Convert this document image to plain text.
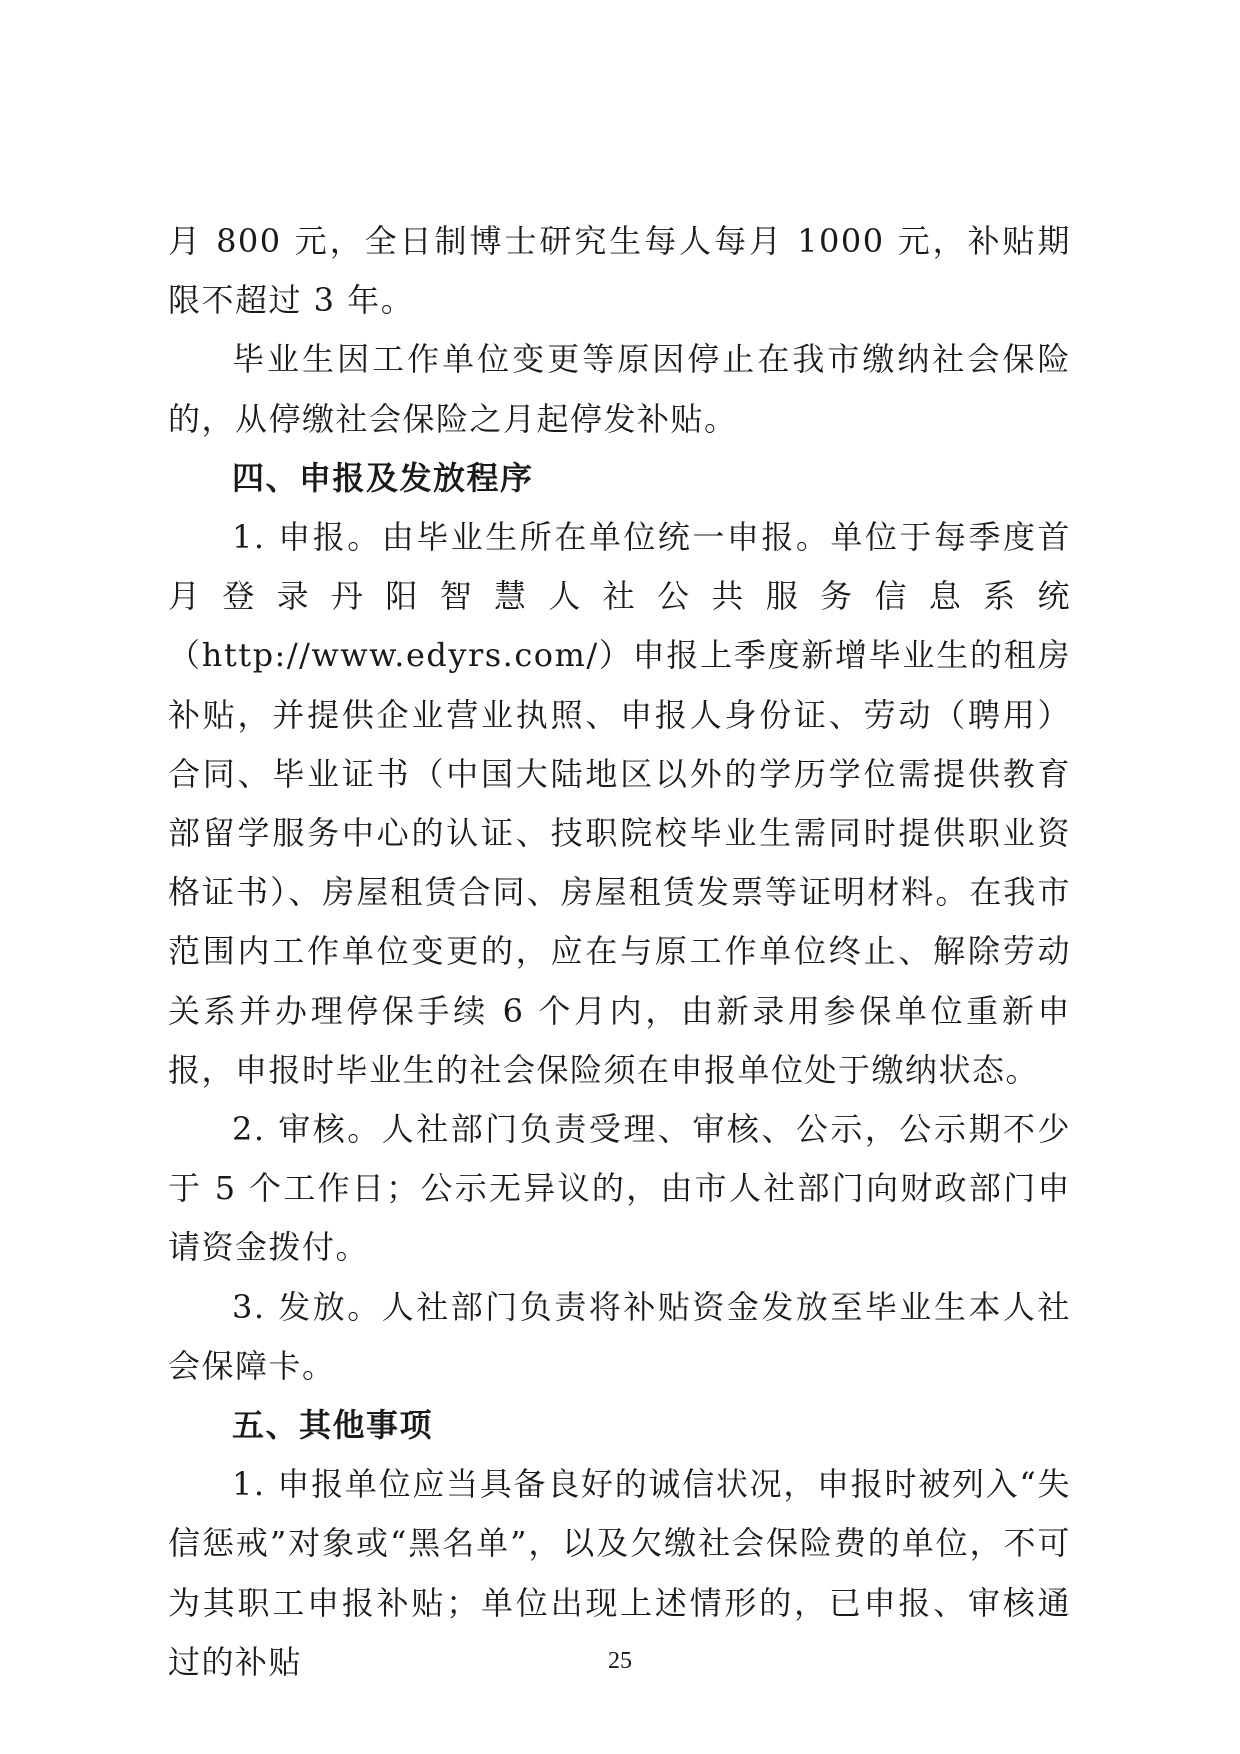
月 800 元，全日制博士研究生每人每月 1000 元，补贴期限不超过 3 年。

毕业生因工作单位变更等原因停止在我市缴纳社会保险的，从停缴社会保险之月起停发补贴。

四、申报及发放程序

1. 申报。由毕业生所在单位统一申报。单位于每季度首月登录丹阳智慧人社公共服务信息系统（http://www.edyrs.com/）申报上季度新增毕业生的租房补贴，并提供企业营业执照、申报人身份证、劳动（聘用）合同、毕业证书（中国大陆地区以外的学历学位需提供教育部留学服务中心的认证、技职院校毕业生需同时提供职业资格证书）、房屋租赁合同、房屋租赁发票等证明材料。在我市范围内工作单位变更的，应在与原工作单位终止、解除劳动关系并办理停保手续 6 个月内，由新录用参保单位重新申报，申报时毕业生的社会保险须在申报单位处于缴纳状态。

2. 审核。人社部门负责受理、审核、公示，公示期不少于 5 个工作日；公示无异议的，由市人社部门向财政部门申请资金拨付。

3. 发放。人社部门负责将补贴资金发放至毕业生本人社会保障卡。

五、其他事项

1. 申报单位应当具备良好的诚信状况，申报时被列入“失信惩戒”对象或“黑名单”，以及欠缴社会保险费的单位，不可为其职工申报补贴；单位出现上述情形的，已申报、审核通过的补贴	25
